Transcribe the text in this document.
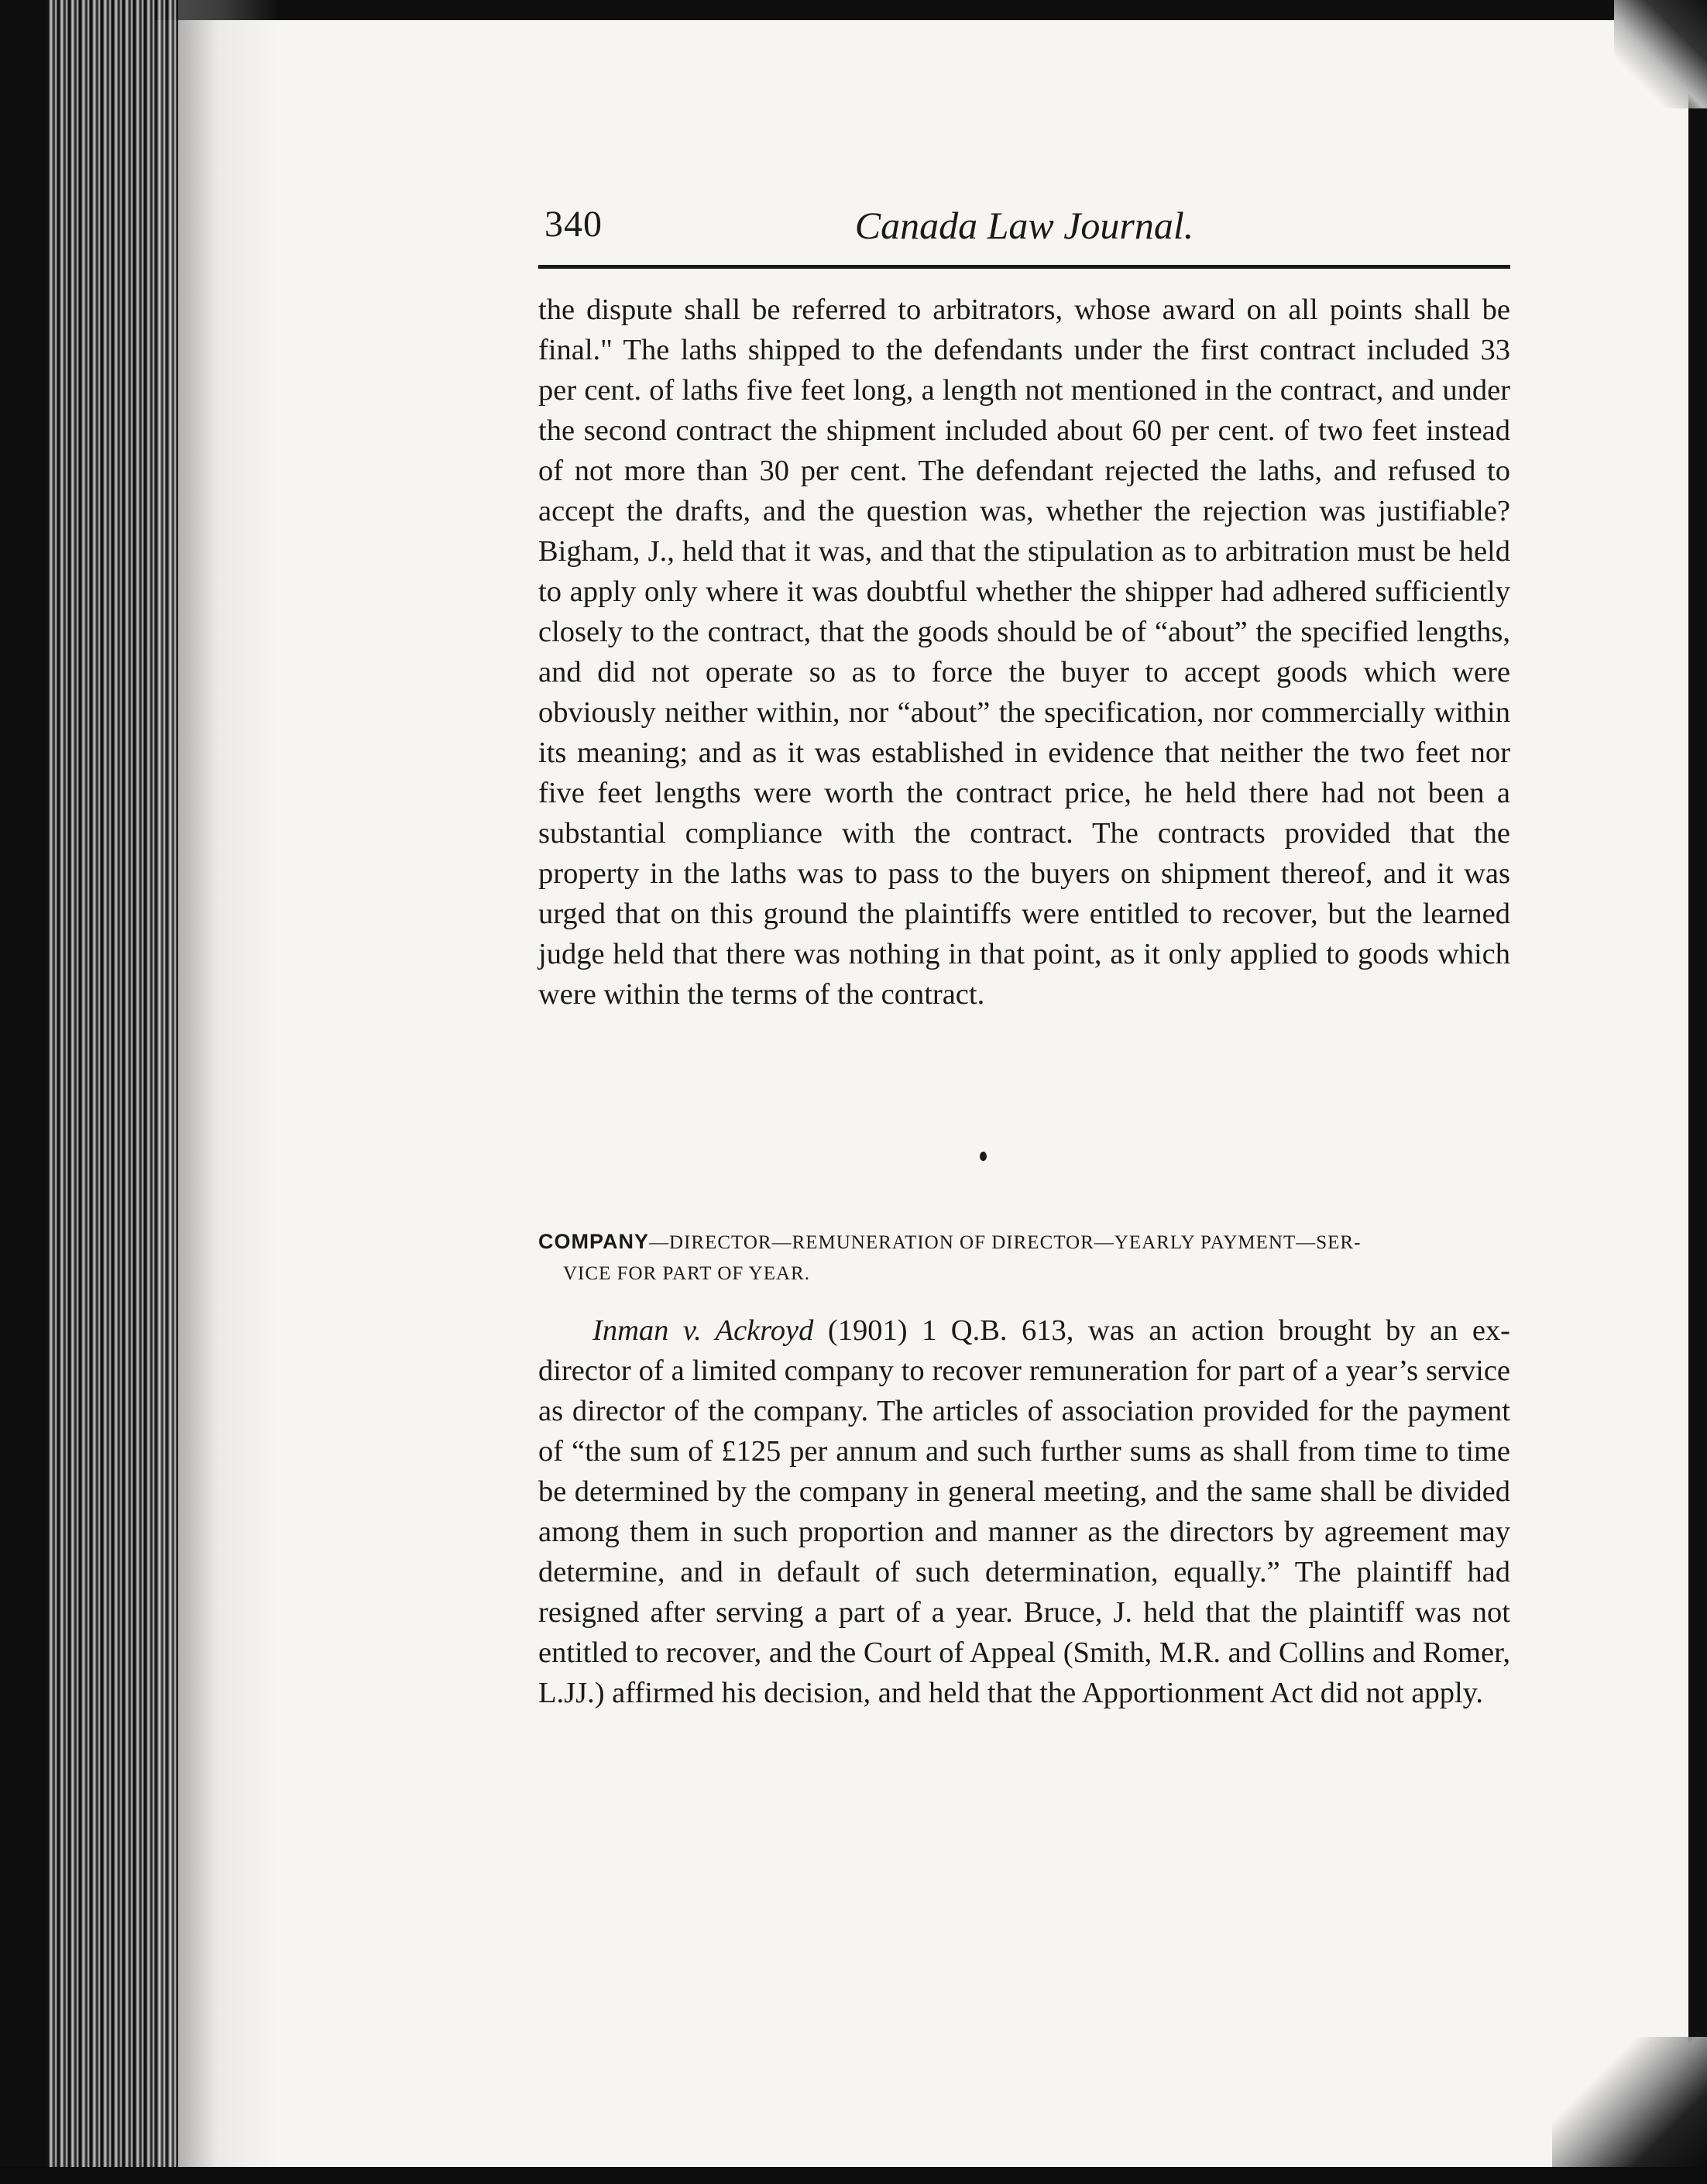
340	Canada Law Journal.
the dispute shall be referred to arbitrators, whose award on all points shall be final." The laths shipped to the defendants under the first contract included 33 per cent. of laths five feet long, a length not mentioned in the contract, and under the second contract the shipment included about 60 per cent. of two feet instead of not more than 30 per cent. The defendant rejected the laths, and refused to accept the drafts, and the question was, whether the rejection was justifiable? Bigham, J., held that it was, and that the stipulation as to arbitration must be held to apply only where it was doubtful whether the shipper had adhered sufficiently closely to the contract, that the goods should be of “about” the specified lengths, and did not operate so as to force the buyer to accept goods which were obviously neither within, nor “about” the specification, nor commercially within its meaning; and as it was established in evidence that neither the two feet nor five feet lengths were worth the contract price, he held there had not been a substantial compliance with the contract. The contracts provided that the property in the laths was to pass to the buyers on shipment thereof, and it was urged that on this ground the plaintiffs were entitled to recover, but the learned judge held that there was nothing in that point, as it only applied to goods which were within the terms of the contract.
COMPANY—DIRECTOR—REMUNERATION OF DIRECTOR—YEARLY PAYMENT—SER-
VICE FOR PART OF YEAR.
Inman v. Ackroyd (1901) 1 Q.B. 613, was an action brought by an ex-director of a limited company to recover remuneration for part of a year’s service as director of the company. The articles of association provided for the payment of “the sum of £125 per annum and such further sums as shall from time to time be determined by the company in general meeting, and the same shall be divided among them in such proportion and manner as the directors by agreement may determine, and in default of such determination, equally.” The plaintiff had resigned after serving a part of a year. Bruce, J. held that the plaintiff was not entitled to recover, and the Court of Appeal (Smith, M.R. and Collins and Romer, L.JJ.) affirmed his decision, and held that the Apportionment Act did not apply.
